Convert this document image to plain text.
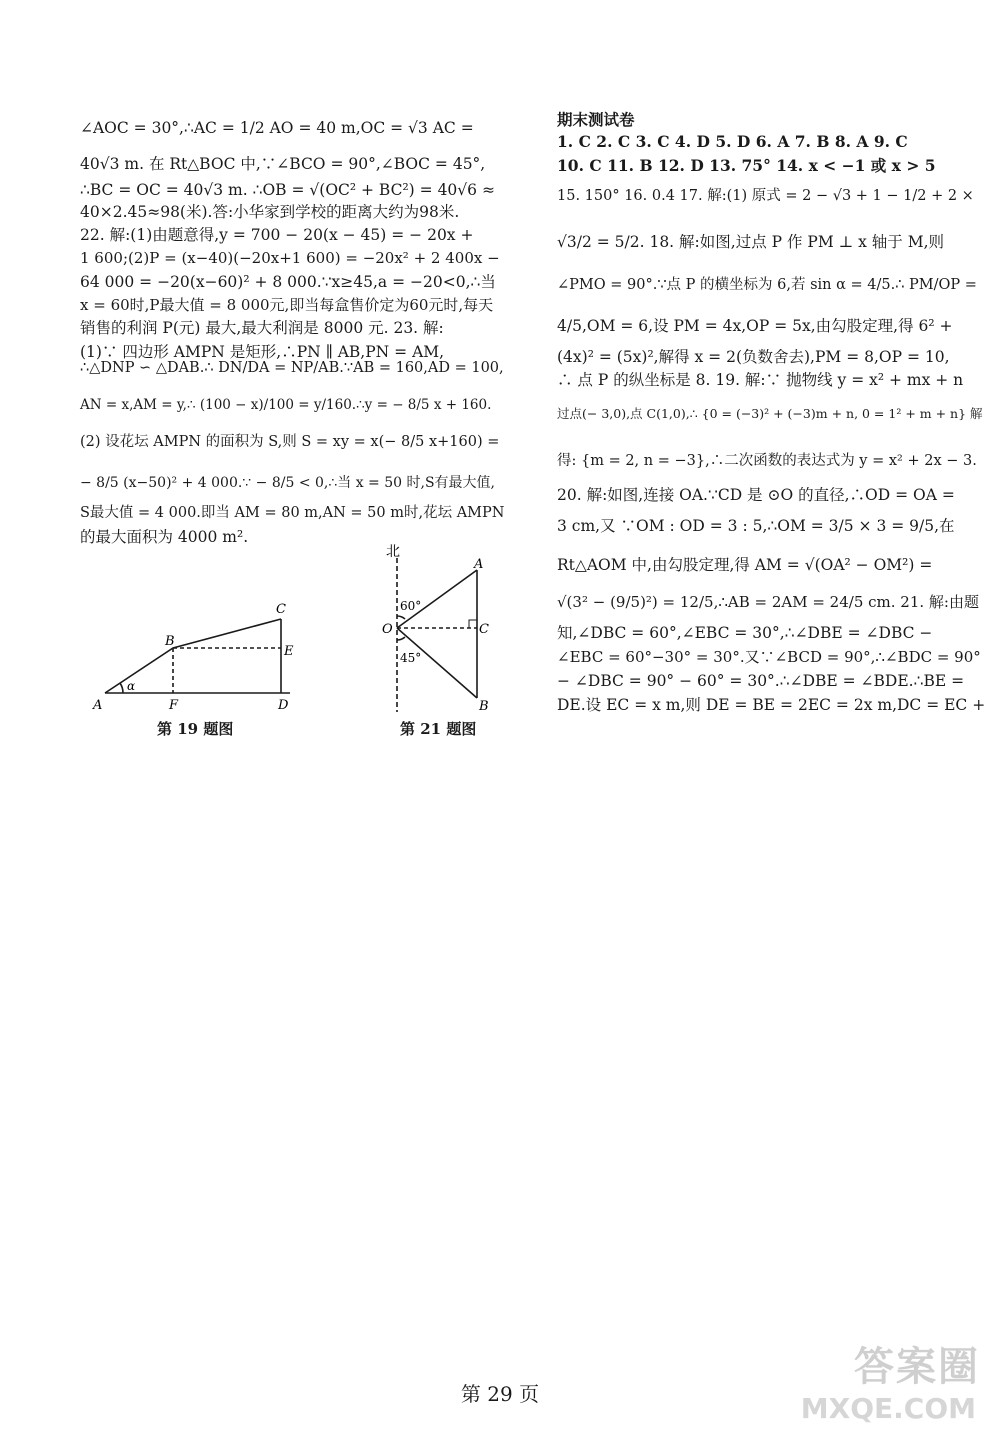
∠AOC = 30°,∴AC = 1/2 AO = 40 m,OC = √3 AC =
40√3 m. 在 Rt△BOC 中,∵∠BCO = 90°,∠BOC = 45°,
∴BC = OC = 40√3 m. ∴OB = √(OC² + BC²) = 40√6 ≈
40×2.45≈98(米).答:小华家到学校的距离大约为98米.
22. 解:(1)由题意得,y = 700 − 20(x − 45) = − 20x +
1 600;(2)P = (x−40)(−20x+1 600) = −20x² + 2 400x −
64 000 = −20(x−60)² + 8 000.∵x≥45,a = −20<0,∴当
x = 60时,P最大值 = 8 000元,即当每盒售价定为60元时,每天
销售的利润 P(元) 最大,最大利润是 8000 元. 23. 解:
(1)∵ 四边形 AMPN 是矩形,∴PN ∥ AB,PN = AM,
∴△DNP ∽ △DAB.∴ DN/DA = NP/AB.∵AB = 160,AD = 100,
AN = x,AM = y,∴ (100 − x)/100 = y/160.∴y = − 8/5 x + 160.
(2) 设花坛 AMPN 的面积为 S,则 S = xy = x(− 8/5 x+160) =
− 8/5 (x−50)² + 4 000.∵ − 8/5 < 0,∴当 x = 50 时,S有最大值,
S最大值 = 4 000.即当 AM = 80 m,AN = 50 m时,花坛 AMPN
的最大面积为 4000 m².
A
B
C
D
E
F
α
第 19 题图
北
O
A
B
C
60°
45°
第 21 题图
期末测试卷
1. C 2. C 3. C 4. D 5. D 6. A 7. B 8. A 9. C
10. C 11. B 12. D 13. 75° 14. x < −1 或 x > 5
15. 150° 16. 0.4 17. 解:(1) 原式 = 2 − √3 + 1 − 1/2 + 2 ×
√3/2 = 5/2. 18. 解:如图,过点 P 作 PM ⊥ x 轴于 M,则
∠PMO = 90°.∵点 P 的横坐标为 6,若 sin α = 4/5.∴ PM/OP =
4/5,OM = 6,设 PM = 4x,OP = 5x,由勾股定理,得 6² +
(4x)² = (5x)²,解得 x = 2(负数舍去),PM = 8,OP = 10,
∴ 点 P 的纵坐标是 8. 19. 解:∵ 抛物线 y = x² + mx + n
过点(− 3,0),点 C(1,0),∴ {0 = (−3)² + (−3)m + n, 0 = 1² + m + n} 解
得: {m = 2, n = −3},∴二次函数的表达式为 y = x² + 2x − 3.
20. 解:如图,连接 OA.∵CD 是 ⊙O 的直径,∴OD = OA =
3 cm,又 ∵OM : OD = 3 : 5,∴OM = 3/5 × 3 = 9/5,在
Rt△AOM 中,由勾股定理,得 AM = √(OA² − OM²) =
√(3² − (9/5)²) = 12/5,∴AB = 2AM = 24/5 cm. 21. 解:由题
知,∠DBC = 60°,∠EBC = 30°,∴∠DBE = ∠DBC −
∠EBC = 60°−30° = 30°.又∵∠BCD = 90°,∴∠BDC = 90°
− ∠DBC = 90° − 60° = 30°.∴∠DBE = ∠BDE.∴BE =
DE.设 EC = x m,则 DE = BE = 2EC = 2x m,DC = EC +
第 29 页
答案圈
MXQE.COM
